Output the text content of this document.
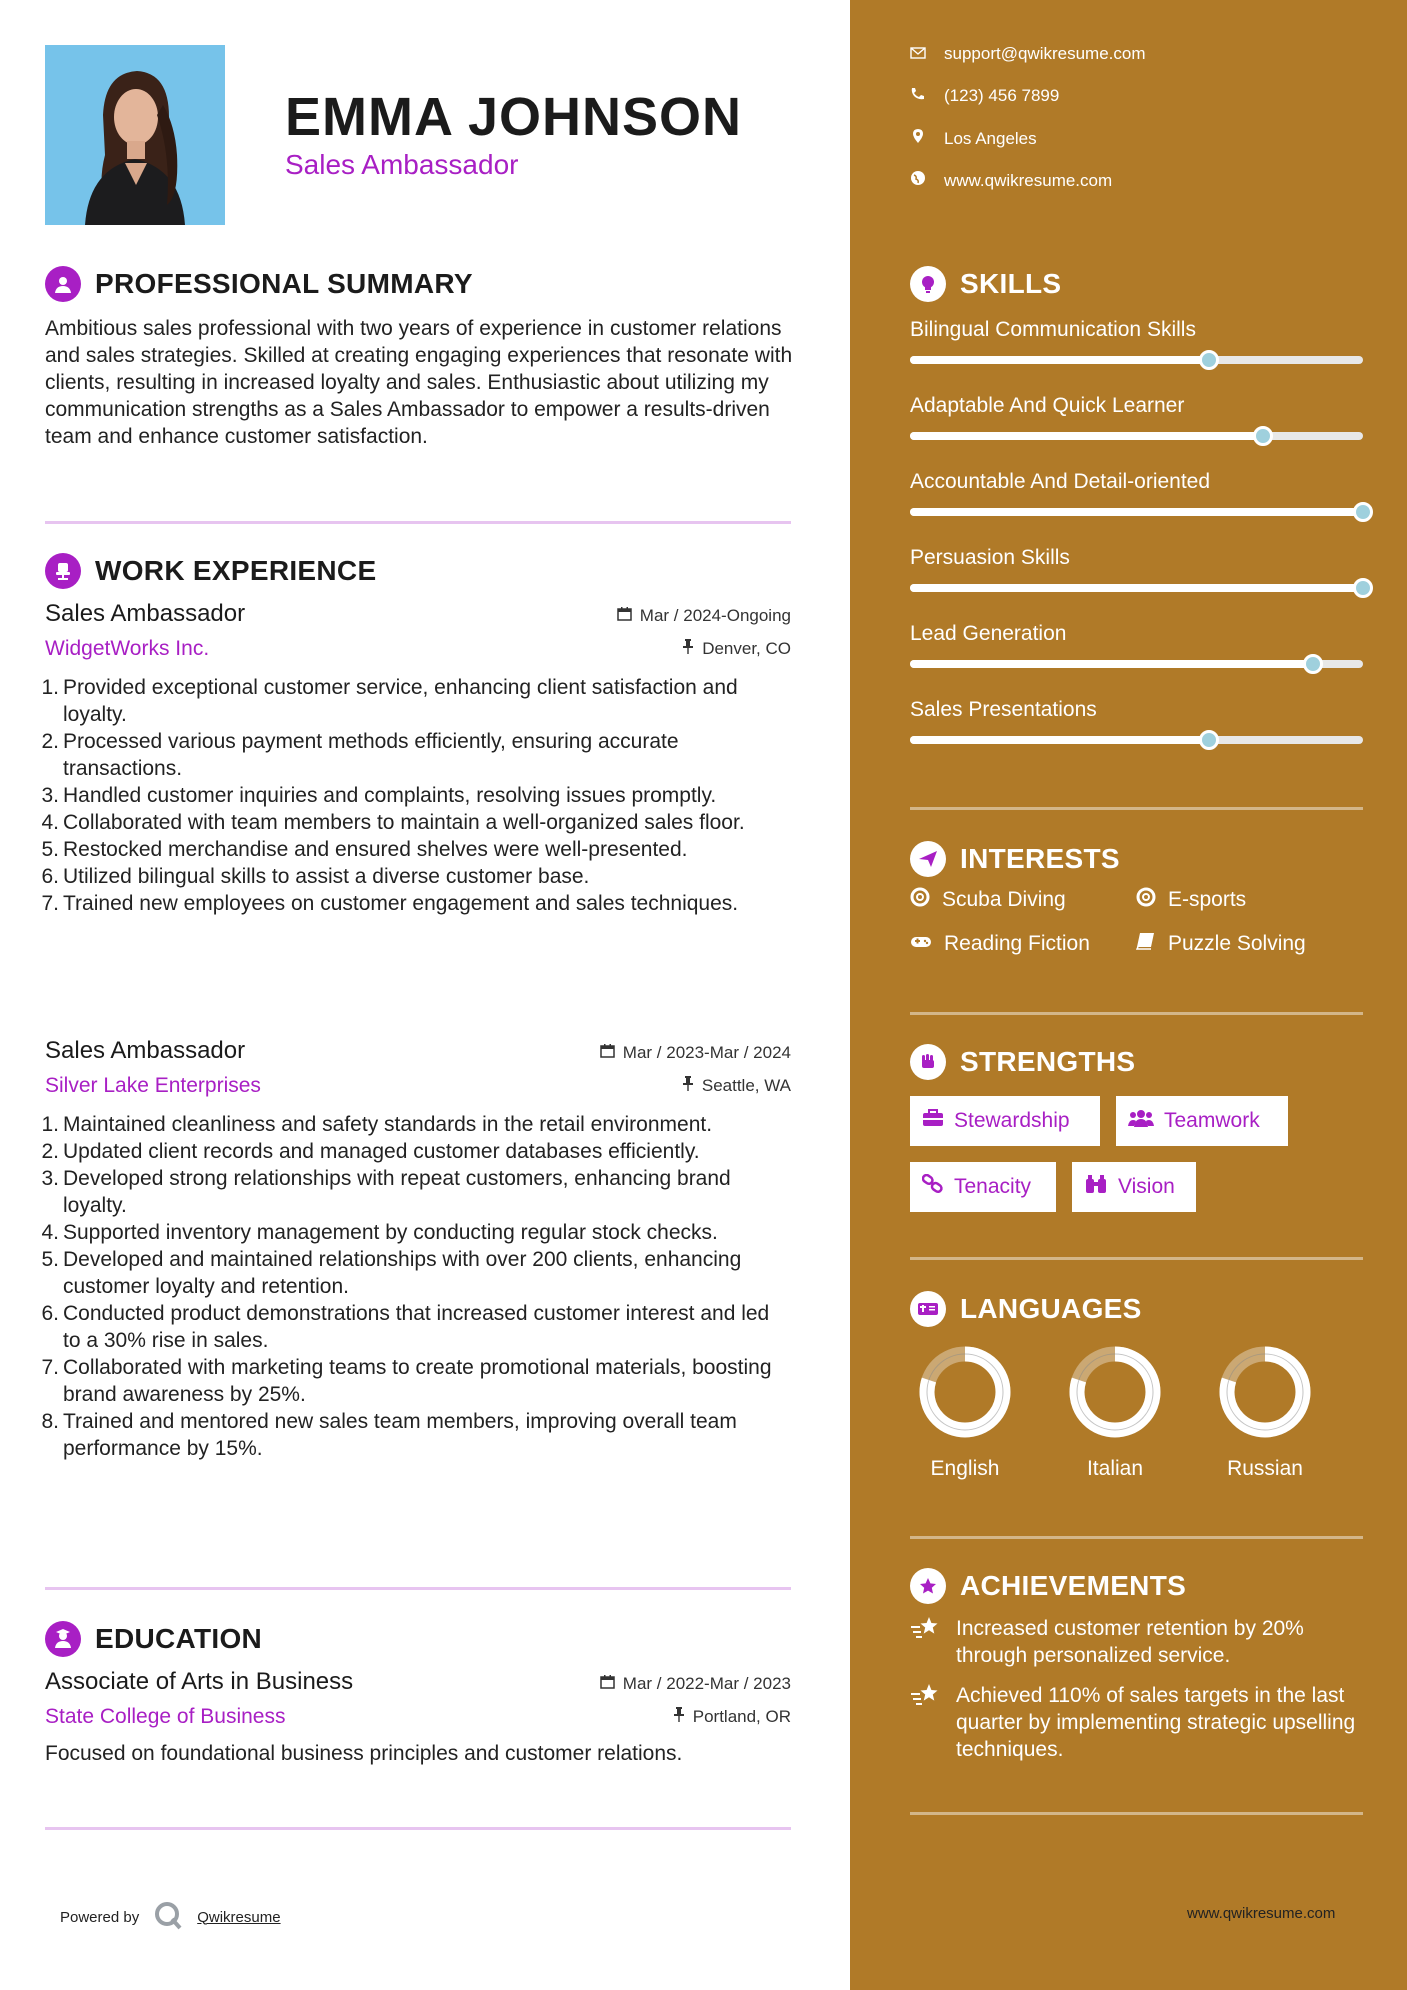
EMMA JOHNSON
Sales Ambassador
PROFESSIONAL SUMMARY
Ambitious sales professional with two years of experience in customer relations and sales strategies. Skilled at creating engaging experiences that resonate with clients, resulting in increased loyalty and sales. Enthusiastic about utilizing my communication strengths as a Sales Ambassador to empower a results-driven team and enhance customer satisfaction.
WORK EXPERIENCE
Sales Ambassador
WidgetWorks Inc.
Mar / 2024-Ongoing
Denver, CO
1. Provided exceptional customer service, enhancing client satisfaction and loyalty.
2. Processed various payment methods efficiently, ensuring accurate transactions.
3. Handled customer inquiries and complaints, resolving issues promptly.
4. Collaborated with team members to maintain a well-organized sales floor.
5. Restocked merchandise and ensured shelves were well-presented.
6. Utilized bilingual skills to assist a diverse customer base.
7. Trained new employees on customer engagement and sales techniques.
Sales Ambassador
Silver Lake Enterprises
Mar / 2023-Mar / 2024
Seattle, WA
1. Maintained cleanliness and safety standards in the retail environment.
2. Updated client records and managed customer databases efficiently.
3. Developed strong relationships with repeat customers, enhancing brand loyalty.
4. Supported inventory management by conducting regular stock checks.
5. Developed and maintained relationships with over 200 clients, enhancing customer loyalty and retention.
6. Conducted product demonstrations that increased customer interest and led to a 30% rise in sales.
7. Collaborated with marketing teams to create promotional materials, boosting brand awareness by 25%.
8. Trained and mentored new sales team members, improving overall team performance by 15%.
EDUCATION
Associate of Arts in Business
State College of Business
Mar / 2022-Mar / 2023
Portland, OR
Focused on foundational business principles and customer relations.
Powered by	Qwikresume
support@qwikresume.com
(123) 456 7899
Los Angeles
www.qwikresume.com
SKILLS
Bilingual Communication Skills
Adaptable And Quick Learner
Accountable And Detail-oriented
Persuasion Skills
Lead Generation
Sales Presentations
INTERESTS
Scuba Diving	E-sports
Reading Fiction	Puzzle Solving
STRENGTHS
Stewardship	Teamwork
Tenacity	Vision
LANGUAGES
English	Italian	Russian
ACHIEVEMENTS
Increased customer retention by 20% through personalized service.
Achieved 110% of sales targets in the last quarter by implementing strategic upselling techniques.
www.qwikresume.com
